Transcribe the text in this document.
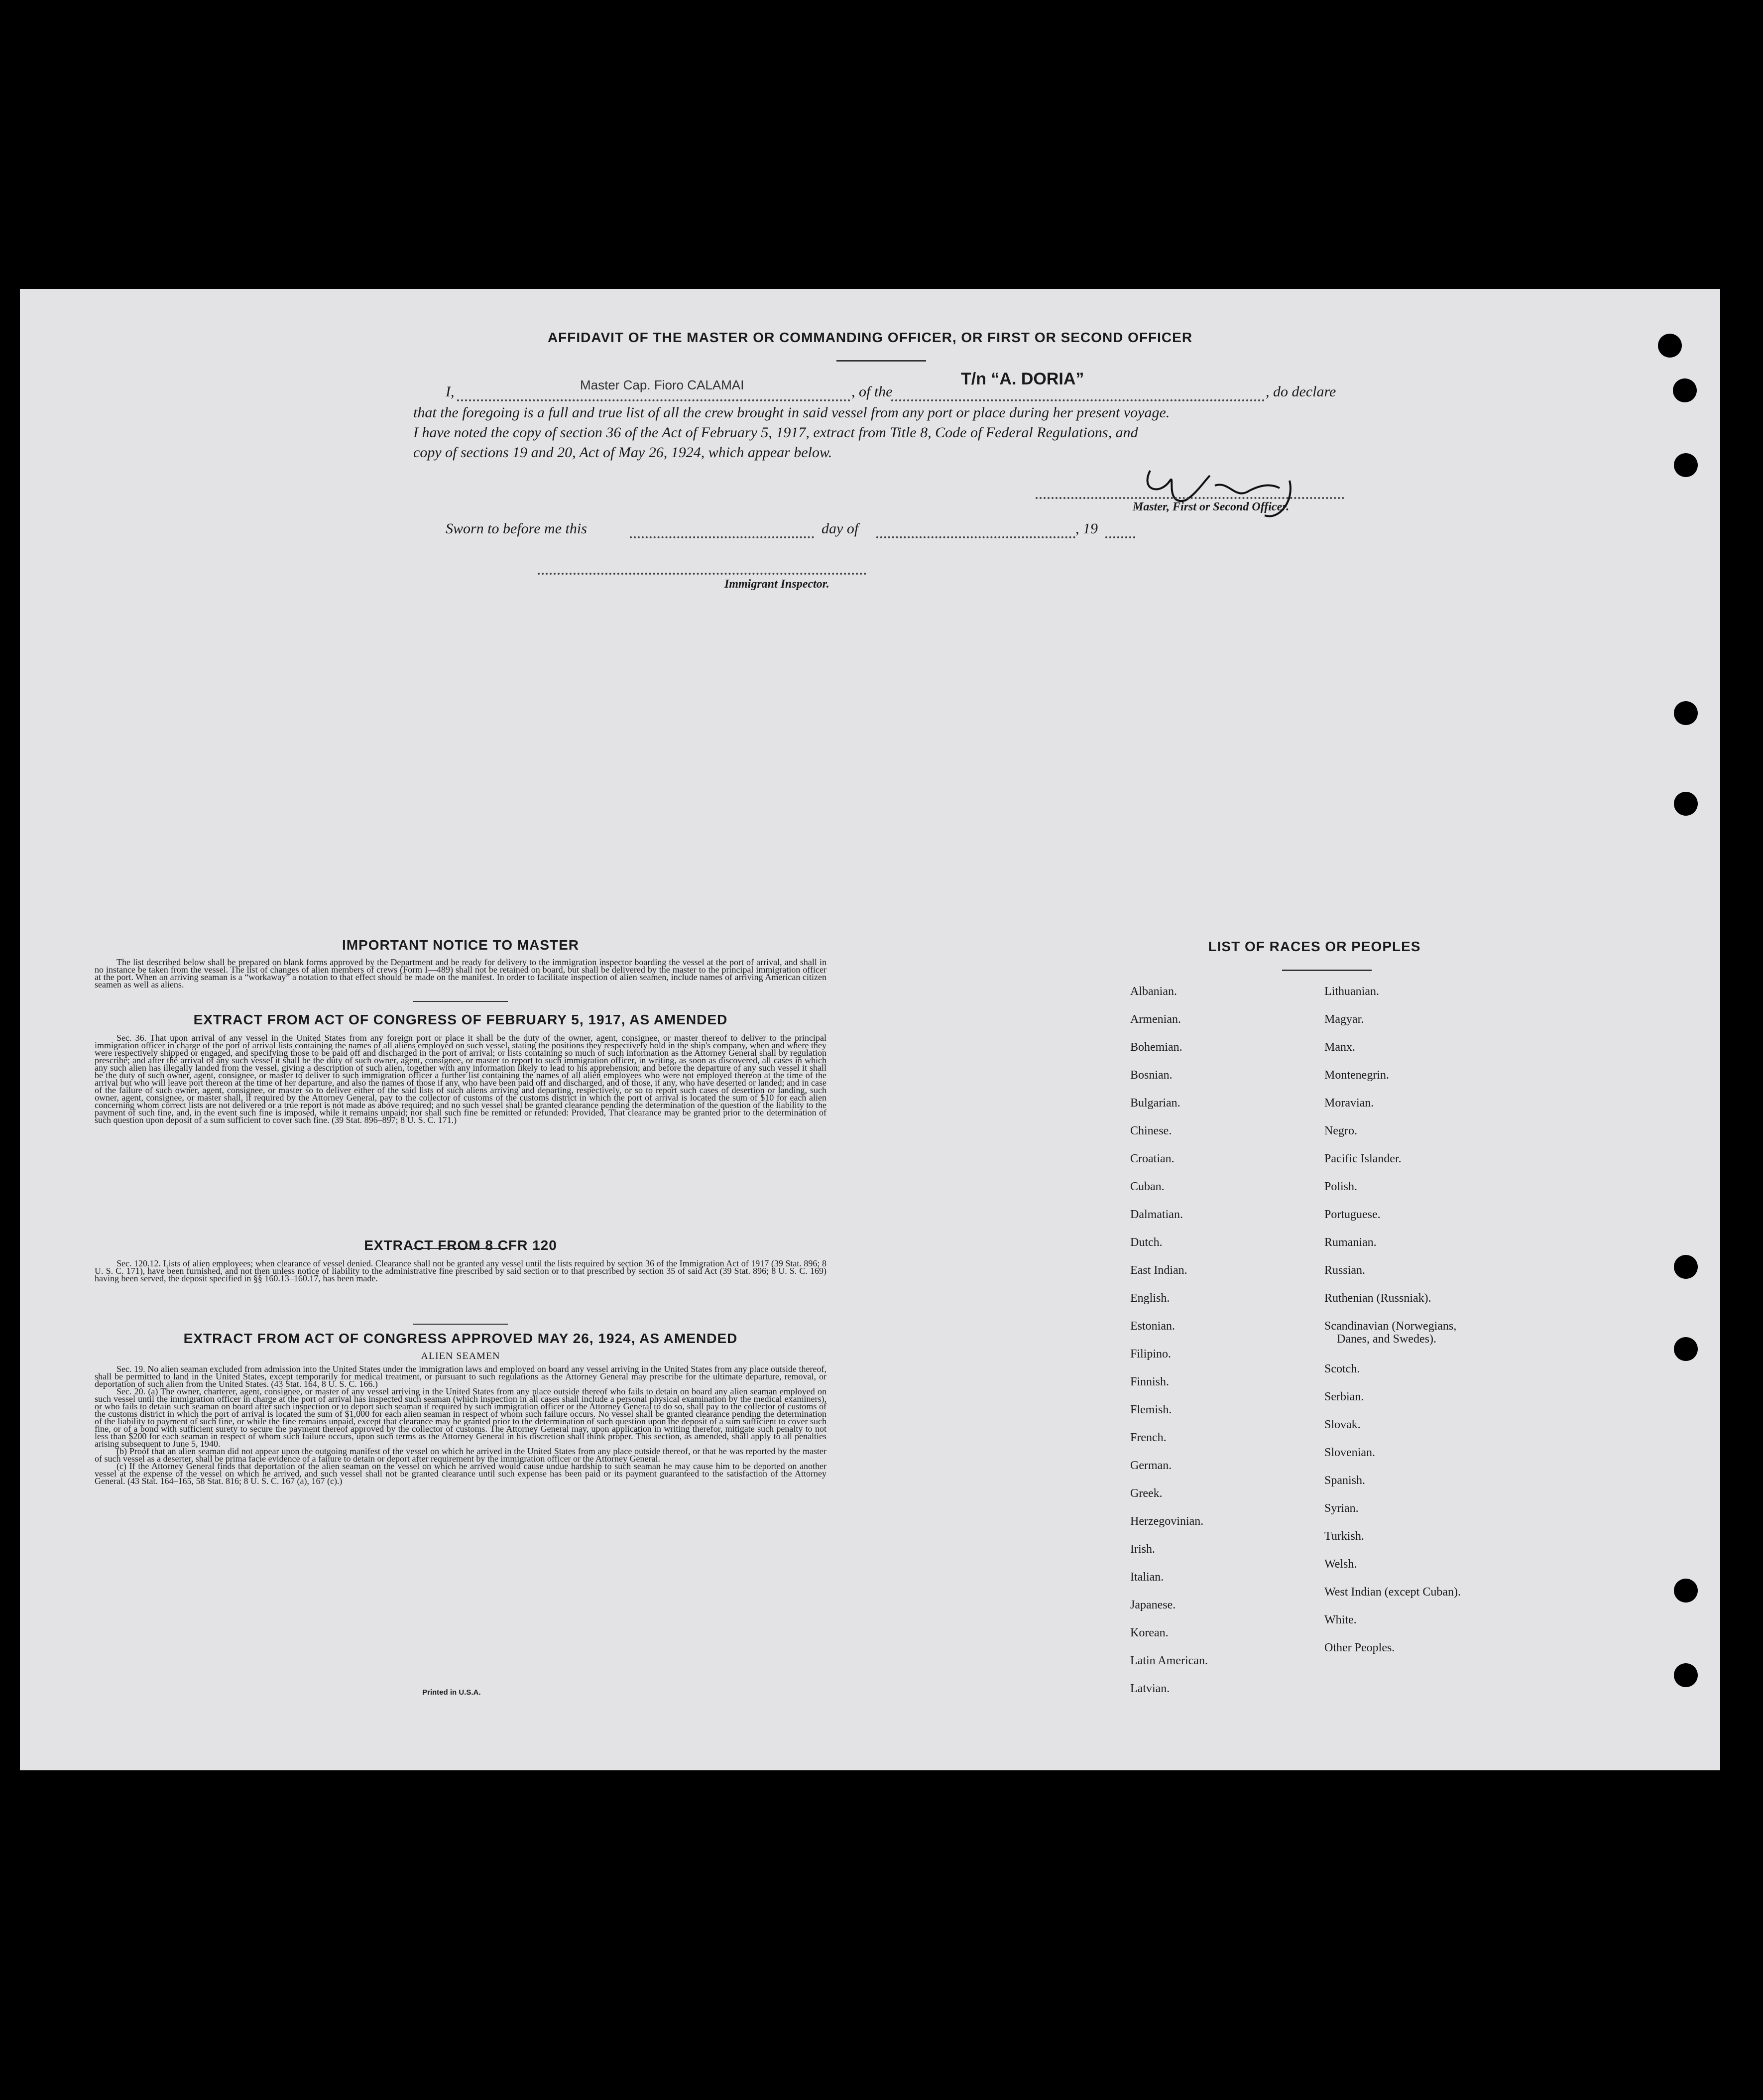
AFFIDAVIT OF THE MASTER OR COMMANDING OFFICER, OR FIRST OR SECOND OFFICER
I,	Master Cap. Fioro CALAMAI	, of the
T/n “A. DORIA”
, do declare
that the foregoing is a full and true list of all the crew brought in said vessel from any port or place during her present voyage.
I have noted the copy of section 36 of the Act of February 5, 1917, extract from Title 8, Code of Federal Regulations, and
copy of sections 19 and 20, Act of May 26, 1924, which appear below.
Master, First or Second Officer.
Sworn to before me this	day of	, 19
Immigrant Inspector.
IMPORTANT NOTICE TO MASTER

The list described below shall be prepared on blank forms approved by the Department and be ready for delivery to the immigration inspector boarding the vessel at the port of arrival, and shall in no instance be taken from the vessel. The list of changes of alien members of crews (Form I—489) shall not be retained on board, but shall be delivered by the master to the principal immigration officer at the port. When an arriving seaman is a “workaway” a notation to that effect should be made on the manifest. In order to facilitate inspection of alien seamen, include names of arriving American citizen seamen as well as aliens.

EXTRACT FROM ACT OF CONGRESS OF FEBRUARY 5, 1917, AS AMENDED

Sec. 36. That upon arrival of any vessel in the United States from any foreign port or place it shall be the duty of the owner, agent, consignee, or master thereof to deliver to the principal immigration officer in charge of the port of arrival lists containing the names of all aliens employed on such vessel, stating the positions they respectively hold in the ship's company, when and where they were respectively shipped or engaged, and specifying those to be paid off and discharged in the port of arrival; or lists containing so much of such information as the Attorney General shall by regulation prescribe; and after the arrival of any such vessel it shall be the duty of such owner, agent, consignee, or master to report to such immigration officer, in writing, as soon as discovered, all cases in which any such alien has illegally landed from the vessel, giving a description of such alien, together with any information likely to lead to his apprehension; and before the departure of any such vessel it shall be the duty of such owner, agent, consignee, or master to deliver to such immigration officer a further list containing the names of all alien employees who were not employed thereon at the time of the arrival but who will leave port thereon at the time of her departure, and also the names of those if any, who have been paid off and discharged, and of those, if any, who have deserted or landed; and in case of the failure of such owner, agent, consignee, or master so to deliver either of the said lists of such aliens arriving and departing, respectively, or so to report such cases of desertion or landing, such owner, agent, consignee, or master shall, if required by the Attorney General, pay to the collector of customs of the customs district in which the port of arrival is located the sum of $10 for each alien concerning whom correct lists are not delivered or a true report is not made as above required; and no such vessel shall be granted clearance pending the determination of the question of the liability to the payment of such fine, and, in the event such fine is imposed, while it remains unpaid; nor shall such fine be remitted or refunded: Provided, That clearance may be granted prior to the determination of such question upon deposit of a sum sufficient to cover such fine. (39 Stat. 896–897; 8 U. S. C. 171.)

EXTRACT FROM 8 CFR 120

Sec. 120.12. Lists of alien employees; when clearance of vessel denied. Clearance shall not be granted any vessel until the lists required by section 36 of the Immigration Act of 1917 (39 Stat. 896; 8 U. S. C. 171), have been furnished, and not then unless notice of liability to the administrative fine prescribed by said section or to that prescribed by section 35 of said Act (39 Stat. 896; 8 U. S. C. 169) having been served, the deposit specified in §§ 160.13–160.17, has been made.

EXTRACT FROM ACT OF CONGRESS APPROVED MAY 26, 1924, AS AMENDED
ALIEN SEAMEN

Sec. 19. No alien seaman excluded from admission into the United States under the immigration laws and employed on board any vessel arriving in the United States from any place outside thereof, shall be permitted to land in the United States, except temporarily for medical treatment, or pursuant to such regulations as the Attorney General may prescribe for the ultimate departure, removal, or deportation of such alien from the United States. (43 Stat. 164, 8 U. S. C. 166.)

Sec. 20. (a) The owner, charterer, agent, consignee, or master of any vessel arriving in the United States from any place outside thereof who fails to detain on board any alien seaman employed on such vessel until the immigration officer in charge at the port of arrival has inspected such seaman (which inspection in all cases shall include a personal physical examination by the medical examiners), or who fails to detain such seaman on board after such inspection or to deport such seaman if required by such immigration officer or the Attorney General to do so, shall pay to the collector of customs of the customs district in which the port of arrival is located the sum of $1,000 for each alien seaman in respect of whom such failure occurs. No vessel shall be granted clearance pending the determination of the liability to payment of such fine, or while the fine remains unpaid, except that clearance may be granted prior to the determination of such question upon the deposit of a sum sufficient to cover such fine, or of a bond with sufficient surety to secure the payment thereof approved by the collector of customs. The Attorney General may, upon application in writing therefor, mitigate such penalty to not less than $200 for each seaman in respect of whom such failure occurs, upon such terms as the Attorney General in his discretion shall think proper. This section, as amended, shall apply to all penalties arising subsequent to June 5, 1940.

(b) Proof that an alien seaman did not appear upon the outgoing manifest of the vessel on which he arrived in the United States from any place outside thereof, or that he was reported by the master of such vessel as a deserter, shall be prima facie evidence of a failure to detain or deport after requirement by the immigration officer or the Attorney General.

(c) If the Attorney General finds that deportation of the alien seaman on the vessel on which he arrived would cause undue hardship to such seaman he may cause him to be deported on another vessel at the expense of the vessel on which he arrived, and such vessel shall not be granted clearance until such expense has been paid or its payment guaranteed to the satisfaction of the Attorney General. (43 Stat. 164–165, 58 Stat. 816; 8 U. S. C. 167 (a), 167 (c).)

Printed in U.S.A.
LIST OF RACES OR PEOPLES
Albanian.
Armenian.
Bohemian.
Bosnian.
Bulgarian.
Chinese.
Croatian.
Cuban.
Dalmatian.
Dutch.
East Indian.
English.
Estonian.
Filipino.
Finnish.
Flemish.
French.
German.
Greek.
Herzegovinian.
Irish.
Italian.
Japanese.
Korean.
Latin American.
Latvian.
Lithuanian.
Magyar.
Manx.
Montenegrin.
Moravian.
Negro.
Pacific Islander.
Polish.
Portuguese.
Rumanian.
Russian.
Ruthenian (Russniak).
Scandinavian (Norwegians,
Danes, and Swedes).
Scotch.
Serbian.
Slovak.
Slovenian.
Spanish.
Syrian.
Turkish.
Welsh.
West Indian (except Cuban).
White.
Other Peoples.
